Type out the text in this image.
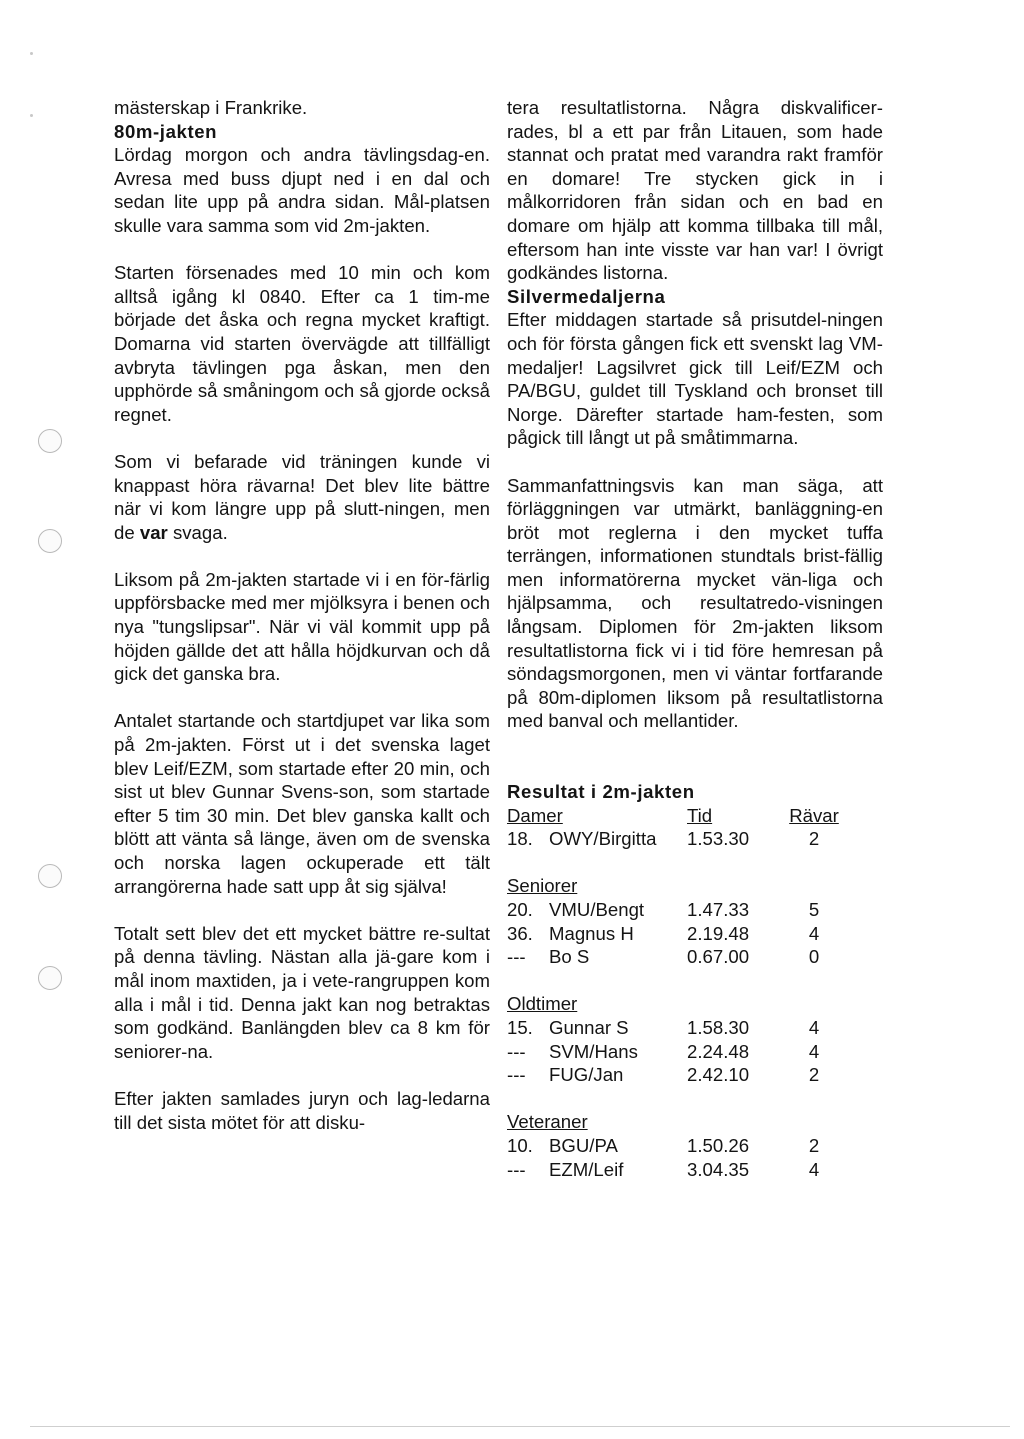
mästerskap i Frankrike.

80m-jakten

Lördag morgon och andra tävlingsdag-en. Avresa med buss djupt ned i en dal och sedan lite upp på andra sidan. Mål-platsen skulle vara samma som vid 2m-jakten.

Starten försenades med 10 min och kom alltså igång kl 0840. Efter ca 1 tim-me började det åska och regna mycket kraftigt. Domarna vid starten övervägde att tillfälligt avbryta tävlingen pga åskan, men den upphörde så småningom och så gjorde också regnet.

Som vi befarade vid träningen kunde vi knappast höra rävarna! Det blev lite bättre när vi kom längre upp på slutt-ningen, men de var svaga.

Liksom på 2m-jakten startade vi i en för-färlig uppförsbacke med mer mjölksyra i benen och nya "tungslipsar". När vi väl kommit upp på höjden gällde det att hålla höjdkurvan och då gick det ganska bra.

Antalet startande och startdjupet var lika som på 2m-jakten. Först ut i det svenska laget blev Leif/EZM, som startade efter 20 min, och sist ut blev Gunnar Svens-son, som startade efter 5 tim 30 min. Det blev ganska kallt och blött att vänta så länge, även om de svenska och norska lagen ockuperade ett tält arrangörerna hade satt upp åt sig själva!

Totalt sett blev det ett mycket bättre re-sultat på denna tävling. Nästan alla jä-gare kom i mål inom maxtiden, ja i vete-rangruppen kom alla i mål i tid. Denna jakt kan nog betraktas som godkänd. Banlängden blev ca 8 km för seniorer-na.

Efter jakten samlades juryn och lag-ledarna till det sista mötet för att disku-

tera resultatlistorna. Några diskvalificer-rades, bl a ett par från Litauen, som hade stannat och pratat med varandra rakt framför en domare! Tre stycken gick in i målkorridoren från sidan och en bad en domare om hjälp att komma tillbaka till mål, eftersom han inte visste var han var! I övrigt godkändes listorna.

Silvermedaljerna

Efter middagen startade så prisutdel-ningen och för första gången fick ett svenskt lag VM-medaljer! Lagsilvret gick till Leif/EZM och PA/BGU, guldet till Tyskland och bronset till Norge. Därefter startade ham-festen, som pågick till långt ut på småtimmarna.

Sammanfattningsvis kan man säga, att förläggningen var utmärkt, banläggning-en bröt mot reglerna i den mycket tuffa terrängen, informationen stundtals brist-fällig men informatörerna mycket vän-liga och hjälpsamma, och resultatredo-visningen långsam. Diplomen för 2m-jakten liksom resultatlistorna fick vi i tid före hemresan på söndagsmorgonen, men vi väntar fortfarande på 80m-diplomen liksom på resultatlistorna med banval och mellantider.

Resultat i 2m-jakten

Damer		Tid	Rävar
18.	OWY/Birgitta	1.53.30	2

Seniorer			
20.	VMU/Bengt	1.47.33	5
36.	Magnus H	2.19.48	4
---	Bo S	0.67.00	0

Oldtimer			
15.	Gunnar S	1.58.30	4
---	SVM/Hans	2.24.48	4
---	FUG/Jan	2.42.10	2

Veteraner			
10.	BGU/PA	1.50.26	2
---	EZM/Leif	3.04.35	4
